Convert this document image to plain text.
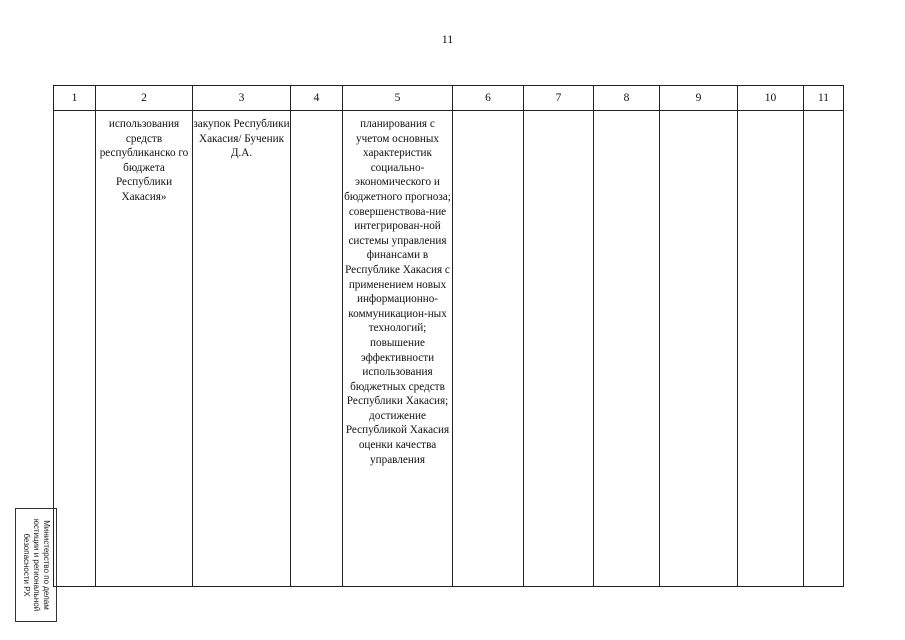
11
1	2	3	4	5	6	7	8	9	10	11
	использования средств республиканско го бюджета Республики Хакасия»	закупок Республики Хакасия/ Бученик Д.А.		планирования с учетом основных характеристик социально-экономического и бюджетного прогноза; совершенствова-ние интегрирован-ной системы управления финансами в Республике Хакасия с применением новых информационно-коммуникацион-ных технологий; повышение эффективности использования бюджетных средств Республики Хакасия; достижение Республикой Хакасия оценки качества управления						
Министерство по делам
юстиции и региональной
безопасности РХ
